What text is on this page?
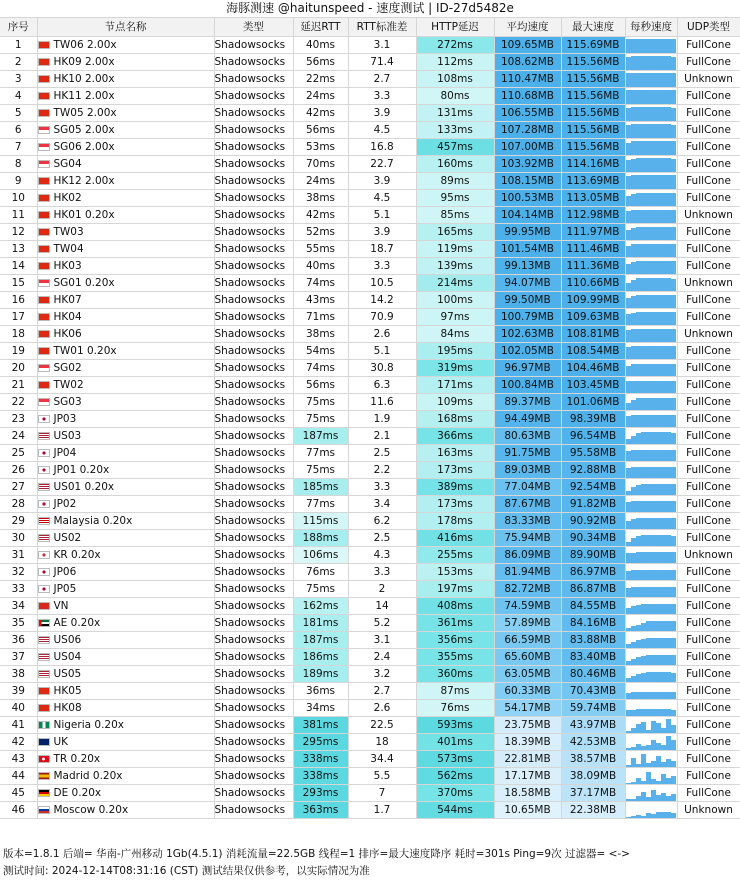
海豚测速 @haitunspeed - 速度测试 | ID-27d5482e
序号	节点名称	类型	延迟RTT	RTT标准差	HTTP延迟	平均速度	最大速度	每秒速度	UDP类型
1	TW06 2.00x	Shadowsocks	40ms	3.1	272ms	109.65MB	115.69MB		FullCone
2	HK09 2.00x	Shadowsocks	56ms	71.4	112ms	108.62MB	115.56MB		FullCone
3	HK10 2.00x	Shadowsocks	22ms	2.7	108ms	110.47MB	115.56MB		Unknown
4	HK11 2.00x	Shadowsocks	24ms	3.3	80ms	110.68MB	115.56MB		FullCone
5	TW05 2.00x	Shadowsocks	42ms	3.9	131ms	106.55MB	115.56MB		FullCone
6	SG05 2.00x	Shadowsocks	56ms	4.5	133ms	107.28MB	115.56MB		FullCone
7	SG06 2.00x	Shadowsocks	53ms	16.8	457ms	107.00MB	115.56MB		FullCone
8	SG04	Shadowsocks	70ms	22.7	160ms	103.92MB	114.16MB		FullCone
9	HK12 2.00x	Shadowsocks	24ms	3.9	89ms	108.15MB	113.69MB		FullCone
10	HK02	Shadowsocks	38ms	4.5	95ms	100.53MB	113.05MB		FullCone
11	HK01 0.20x	Shadowsocks	42ms	5.1	85ms	104.14MB	112.98MB		Unknown
12	TW03	Shadowsocks	52ms	3.9	165ms	99.95MB	111.97MB		FullCone
13	TW04	Shadowsocks	55ms	18.7	119ms	101.54MB	111.46MB		FullCone
14	HK03	Shadowsocks	40ms	3.3	139ms	99.13MB	111.36MB		FullCone
15	SG01 0.20x	Shadowsocks	74ms	10.5	214ms	94.07MB	110.66MB		Unknown
16	HK07	Shadowsocks	43ms	14.2	100ms	99.50MB	109.99MB		FullCone
17	HK04	Shadowsocks	71ms	70.9	97ms	100.79MB	109.63MB		FullCone
18	HK06	Shadowsocks	38ms	2.6	84ms	102.63MB	108.81MB		Unknown
19	TW01 0.20x	Shadowsocks	54ms	5.1	195ms	102.05MB	108.54MB		FullCone
20	SG02	Shadowsocks	74ms	30.8	319ms	96.97MB	104.46MB		FullCone
21	TW02	Shadowsocks	56ms	6.3	171ms	100.84MB	103.45MB		FullCone
22	SG03	Shadowsocks	75ms	11.6	109ms	89.37MB	101.06MB		FullCone
23	JP03	Shadowsocks	75ms	1.9	168ms	94.49MB	98.39MB		FullCone
24	US03	Shadowsocks	187ms	2.1	366ms	80.63MB	96.54MB		FullCone
25	JP04	Shadowsocks	77ms	2.5	163ms	91.75MB	95.58MB		FullCone
26	JP01 0.20x	Shadowsocks	75ms	2.2	173ms	89.03MB	92.88MB		FullCone
27	US01 0.20x	Shadowsocks	185ms	3.3	389ms	77.04MB	92.54MB		FullCone
28	JP02	Shadowsocks	77ms	3.4	173ms	87.67MB	91.82MB		FullCone
29	Malaysia 0.20x	Shadowsocks	115ms	6.2	178ms	83.33MB	90.92MB		FullCone
30	US02	Shadowsocks	188ms	2.5	416ms	75.94MB	90.34MB		FullCone
31	KR 0.20x	Shadowsocks	106ms	4.3	255ms	86.09MB	89.90MB		Unknown
32	JP06	Shadowsocks	76ms	3.3	153ms	81.94MB	86.97MB		FullCone
33	JP05	Shadowsocks	75ms	2	197ms	82.72MB	86.87MB		FullCone
34	VN	Shadowsocks	162ms	14	408ms	74.59MB	84.55MB		FullCone
35	AE 0.20x	Shadowsocks	181ms	5.2	361ms	57.89MB	84.16MB		FullCone
36	US06	Shadowsocks	187ms	3.1	356ms	66.59MB	83.88MB		FullCone
37	US04	Shadowsocks	186ms	2.4	355ms	65.60MB	83.40MB		FullCone
38	US05	Shadowsocks	189ms	3.2	360ms	63.05MB	80.46MB		FullCone
39	HK05	Shadowsocks	36ms	2.7	87ms	60.33MB	70.43MB		FullCone
40	HK08	Shadowsocks	34ms	2.6	76ms	54.17MB	59.74MB		FullCone
41	Nigeria 0.20x	Shadowsocks	381ms	22.5	593ms	23.75MB	43.97MB		FullCone
42	UK	Shadowsocks	295ms	18	401ms	18.39MB	42.53MB		FullCone
43	TR 0.20x	Shadowsocks	338ms	34.4	573ms	22.81MB	38.57MB		FullCone
44	Madrid 0.20x	Shadowsocks	338ms	5.5	562ms	17.17MB	38.09MB		FullCone
45	DE 0.20x	Shadowsocks	293ms	7	370ms	18.58MB	37.17MB		FullCone
46	Moscow 0.20x	Shadowsocks	363ms	1.7	544ms	10.65MB	22.38MB		Unknown
版本=1.8.1 后端= 华南-广州移动 1Gb(4.5.1) 消耗流量=22.5GB 线程=1 排序=最大速度降序 耗时=301s Ping=9次 过滤器= <->
测试时间: 2024-12-14T08:31:16 (CST) 测试结果仅供参考，以实际情况为准
